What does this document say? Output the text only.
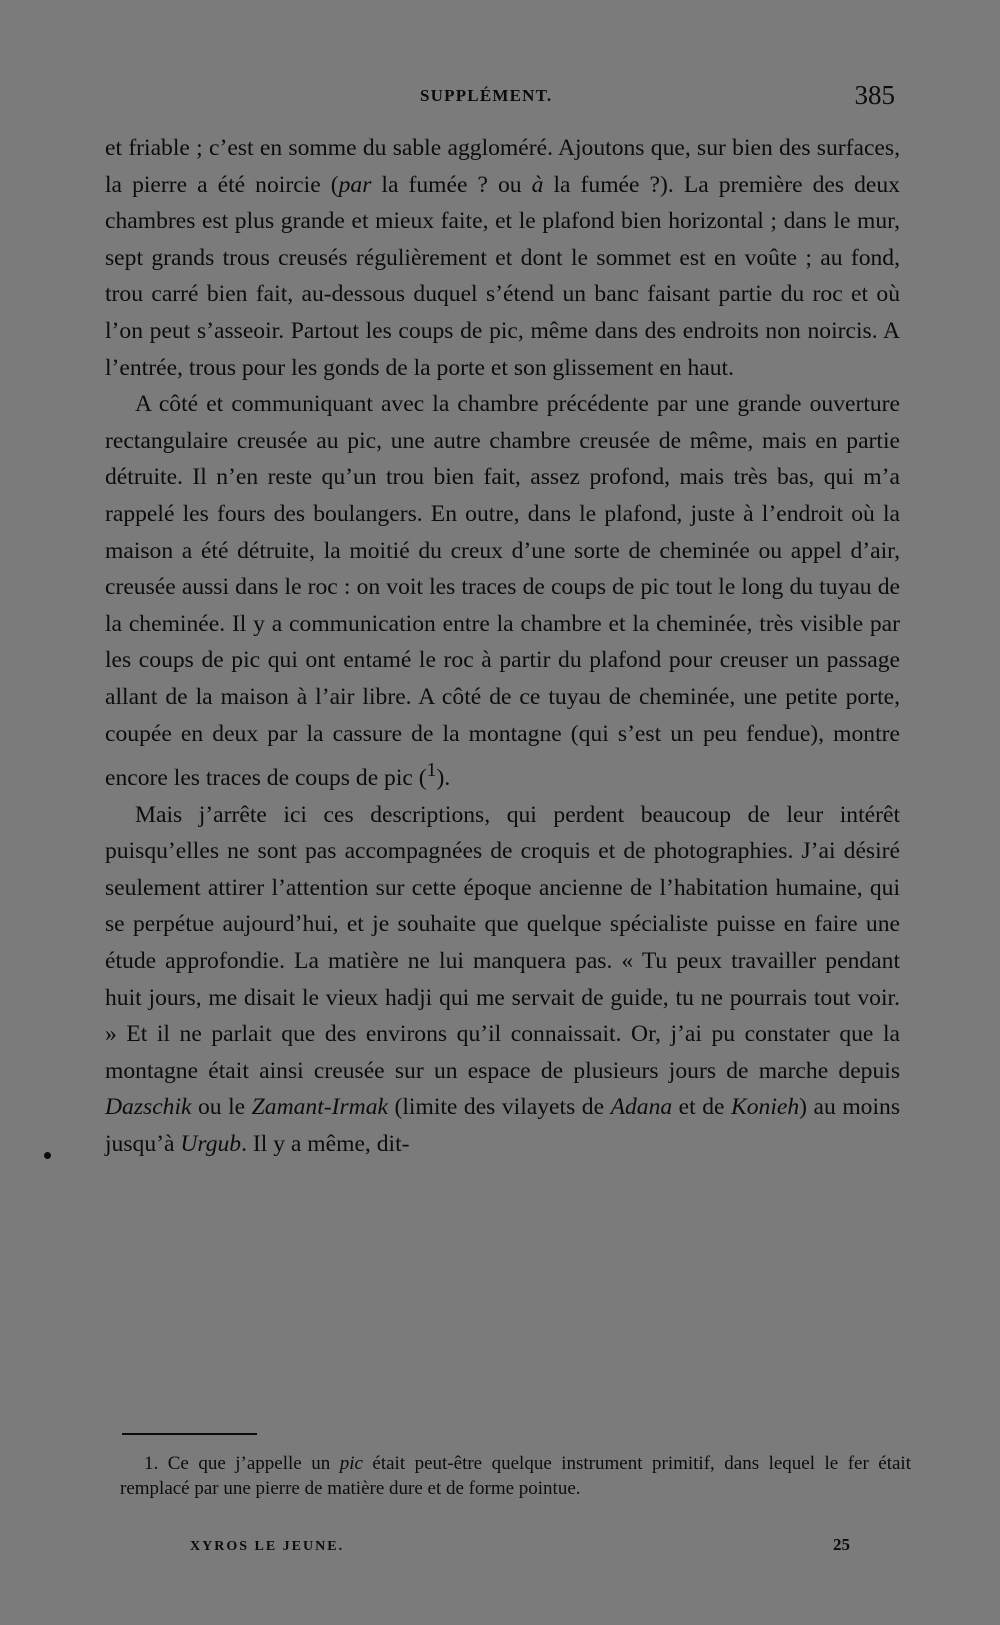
SUPPLÉMENT.	385

et friable ; c’est en somme du sable aggloméré. Ajoutons que, sur bien des surfaces, la pierre a été noircie (par la fumée ? ou à la fumée ?). La première des deux chambres est plus grande et mieux faite, et le plafond bien horizontal ; dans le mur, sept grands trous creusés régulièrement et dont le sommet est en voûte ; au fond, trou carré bien fait, au-dessous duquel s’étend un banc faisant partie du roc et où l’on peut s’asseoir. Partout les coups de pic, même dans des endroits non noircis. A l’entrée, trous pour les gonds de la porte et son glissement en haut.

A côté et communiquant avec la chambre précédente par une grande ouverture rectangulaire creusée au pic, une autre chambre creusée de même, mais en partie détruite. Il n’en reste qu’un trou bien fait, assez profond, mais très bas, qui m’a rappelé les fours des boulangers. En outre, dans le plafond, juste à l’endroit où la maison a été détruite, la moitié du creux d’une sorte de cheminée ou appel d’air, creusée aussi dans le roc : on voit les traces de coups de pic tout le long du tuyau de la cheminée. Il y a communication entre la chambre et la cheminée, très visible par les coups de pic qui ont entamé le roc à partir du plafond pour creuser un passage allant de la maison à l’air libre. A côté de ce tuyau de cheminée, une petite porte, coupée en deux par la cassure de la montagne (qui s’est un peu fendue), montre encore les traces de coups de pic ($^1$).

Mais j’arrête ici ces descriptions, qui perdent beaucoup de leur intérêt puisqu’elles ne sont pas accompagnées de croquis et de photographies. J’ai désiré seulement attirer l’attention sur cette époque ancienne de l’habitation humaine, qui se perpétue aujourd’hui, et je souhaite que quelque spécialiste puisse en faire une étude approfondie. La matière ne lui manquera pas. « Tu peux travailler pendant huit jours, me disait le vieux hadji qui me servait de guide, tu ne pourrais tout voir. » Et il ne parlait que des environs qu’il connaissait. Or, j’ai pu constater que la montagne était ainsi creusée sur un espace de plusieurs jours de marche depuis Dazschik ou le Zamant-Irmak (limite des vilayets de Adana et de Konieh) au moins jusqu’à Urgub. Il y a même, dit-

1. Ce que j’appelle un pic était peut-être quelque instrument primitif, dans lequel le fer était remplacé par une pierre de matière dure et de forme pointue.
XYROS LE JEUNE.	25
